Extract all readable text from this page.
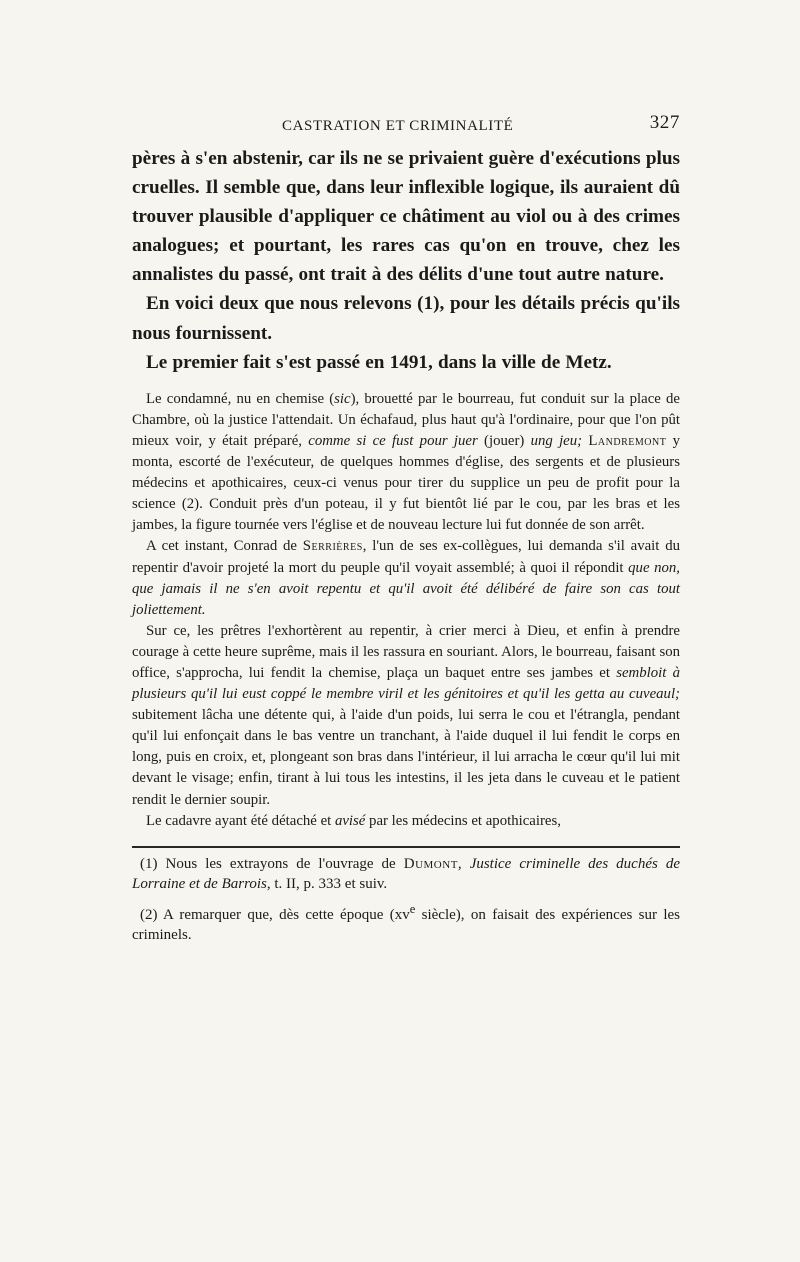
CASTRATION ET CRIMINALITÉ	327

pères à s'en abstenir, car ils ne se privaient guère d'exécutions plus cruelles. Il semble que, dans leur inflexible logique, ils auraient dû trouver plausible d'appliquer ce châtiment au viol ou à des crimes analogues; et pourtant, les rares cas qu'on en trouve, chez les annalistes du passé, ont trait à des délits d'une tout autre nature.

En voici deux que nous relevons (1), pour les détails précis qu'ils nous fournissent.

Le premier fait s'est passé en 1491, dans la ville de Metz.

Le condamné, nu en chemise (sic), brouetté par le bourreau, fut conduit sur la place de Chambre, où la justice l'attendait. Un échafaud, plus haut qu'à l'ordinaire, pour que l'on pût mieux voir, y était préparé, comme si ce fust pour juer (jouer) ung jeu; Landremont y monta, escorté de l'exécuteur, de quelques hommes d'église, des sergents et de plusieurs médecins et apothicaires, ceux-ci venus pour tirer du supplice un peu de profit pour la science (2). Conduit près d'un poteau, il y fut bientôt lié par le cou, par les bras et les jambes, la figure tournée vers l'église et de nouveau lecture lui fut donnée de son arrêt.

A cet instant, Conrad de Serrières, l'un de ses ex-collègues, lui demanda s'il avait du repentir d'avoir projeté la mort du peuple qu'il voyait assemblé; à quoi il répondit que non, que jamais il ne s'en avoit repentu et qu'il avoit été délibéré de faire son cas tout joliettement.

Sur ce, les prêtres l'exhortèrent au repentir, à crier merci à Dieu, et enfin à prendre courage à cette heure suprême, mais il les rassura en souriant. Alors, le bourreau, faisant son office, s'approcha, lui fendit la chemise, plaça un baquet entre ses jambes et sembloit à plusieurs qu'il lui eust coppé le membre viril et les génitoires et qu'il les getta au cuveaul; subitement lâcha une détente qui, à l'aide d'un poids, lui serra le cou et l'étrangla, pendant qu'il lui enfonçait dans le bas ventre un tranchant, à l'aide duquel il lui fendit le corps en long, puis en croix, et, plongeant son bras dans l'intérieur, il lui arracha le cœur qu'il lui mit devant le visage; enfin, tirant à lui tous les intestins, il les jeta dans le cuveau et le patient rendit le dernier soupir.

Le cadavre ayant été détaché et avisé par les médecins et apothicaires,

(1) Nous les extrayons de l'ouvrage de Dumont, Justice criminelle des duchés de Lorraine et de Barrois, t. II, p. 333 et suiv.

(2) A remarquer que, dès cette époque ($xv^e$ siècle), on faisait des expériences sur les criminels.
